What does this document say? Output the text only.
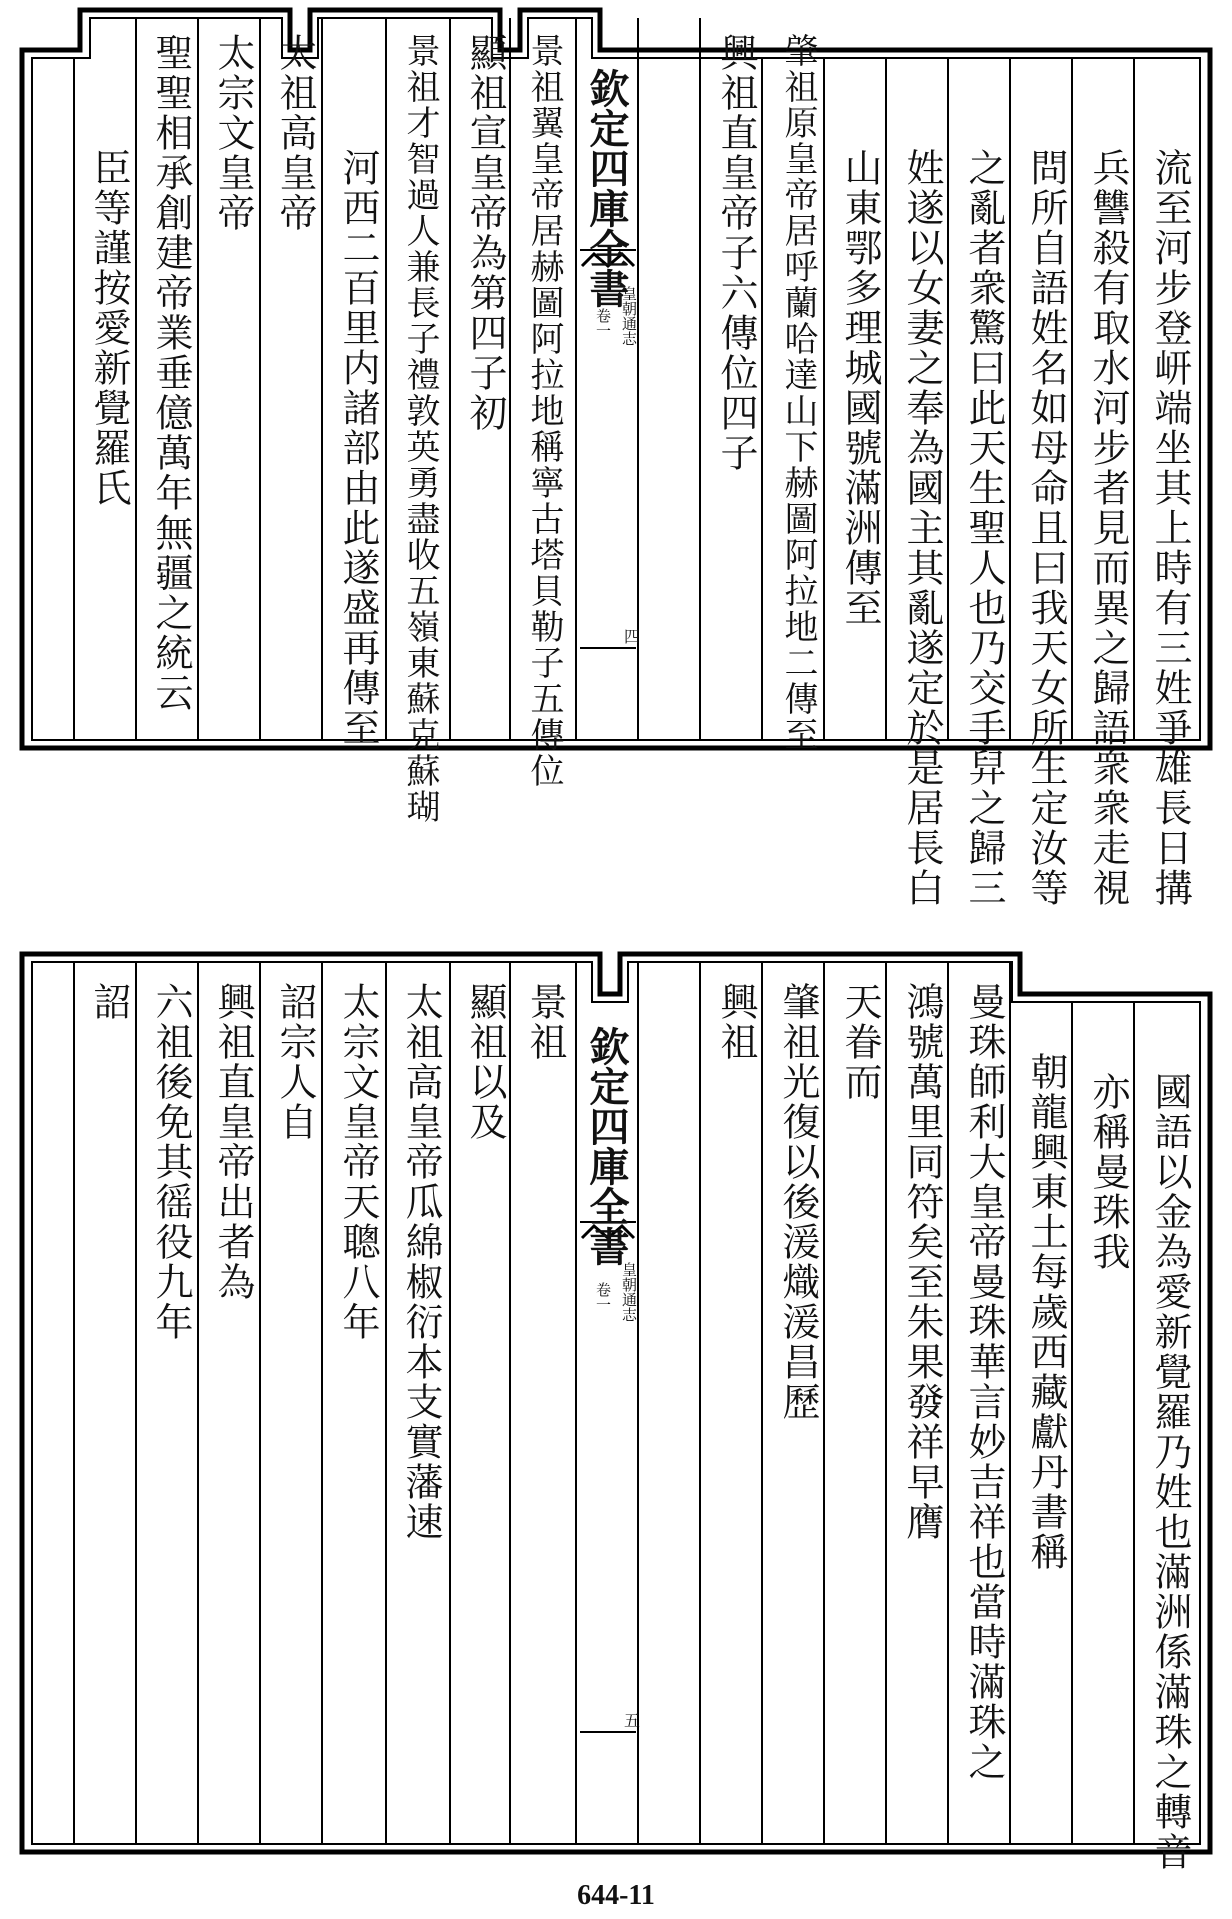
流至河步登岍端坐其上時有三姓爭雄長日搆
兵讐殺有取水河步者見而異之歸語衆衆走視
問所自語姓名如母命且曰我天女所生定汝等
之亂者衆驚曰此天生聖人也乃交手舁之歸三
姓遂以女妻之奉為國主其亂遂定於是居長白
山東鄂多理城國號滿洲傳至
肇祖原皇帝居呼蘭哈達山下赫圖阿拉地二傳至
興祖直皇帝子六傳位四子
欽定四庫全書
皇朝通志
卷一
四
景祖翼皇帝居赫圖阿拉地稱寧古塔貝勒子五傳位
顯祖宣皇帝為第四子初
景祖才智過人兼長子禮敦英勇盡收五嶺東蘇克蘇瑚
河西二百里内諸部由此遂盛再傳至
太祖高皇帝
太宗文皇帝
聖聖相承創建帝業垂億萬年無疆之統云
臣等謹按愛新覺羅氏
國語以金為愛新覺羅乃姓也滿洲係滿珠之轉音
亦稱曼珠我
朝龍興東土每歲西藏獻丹書稱
曼珠師利大皇帝曼珠華言妙吉祥也當時滿珠之
鴻號萬里同符矣至朱果發祥早膺
天眷而
肇祖光復以後湲熾湲昌歷
興祖
欽定四庫全書
皇朝通志
卷一
五
景祖
顯祖以及
太祖高皇帝瓜綿椒衍本支實藩速
太宗文皇帝天聰八年
詔宗人自
興祖直皇帝出者為
六祖後免其徭役九年
詔
644-11
